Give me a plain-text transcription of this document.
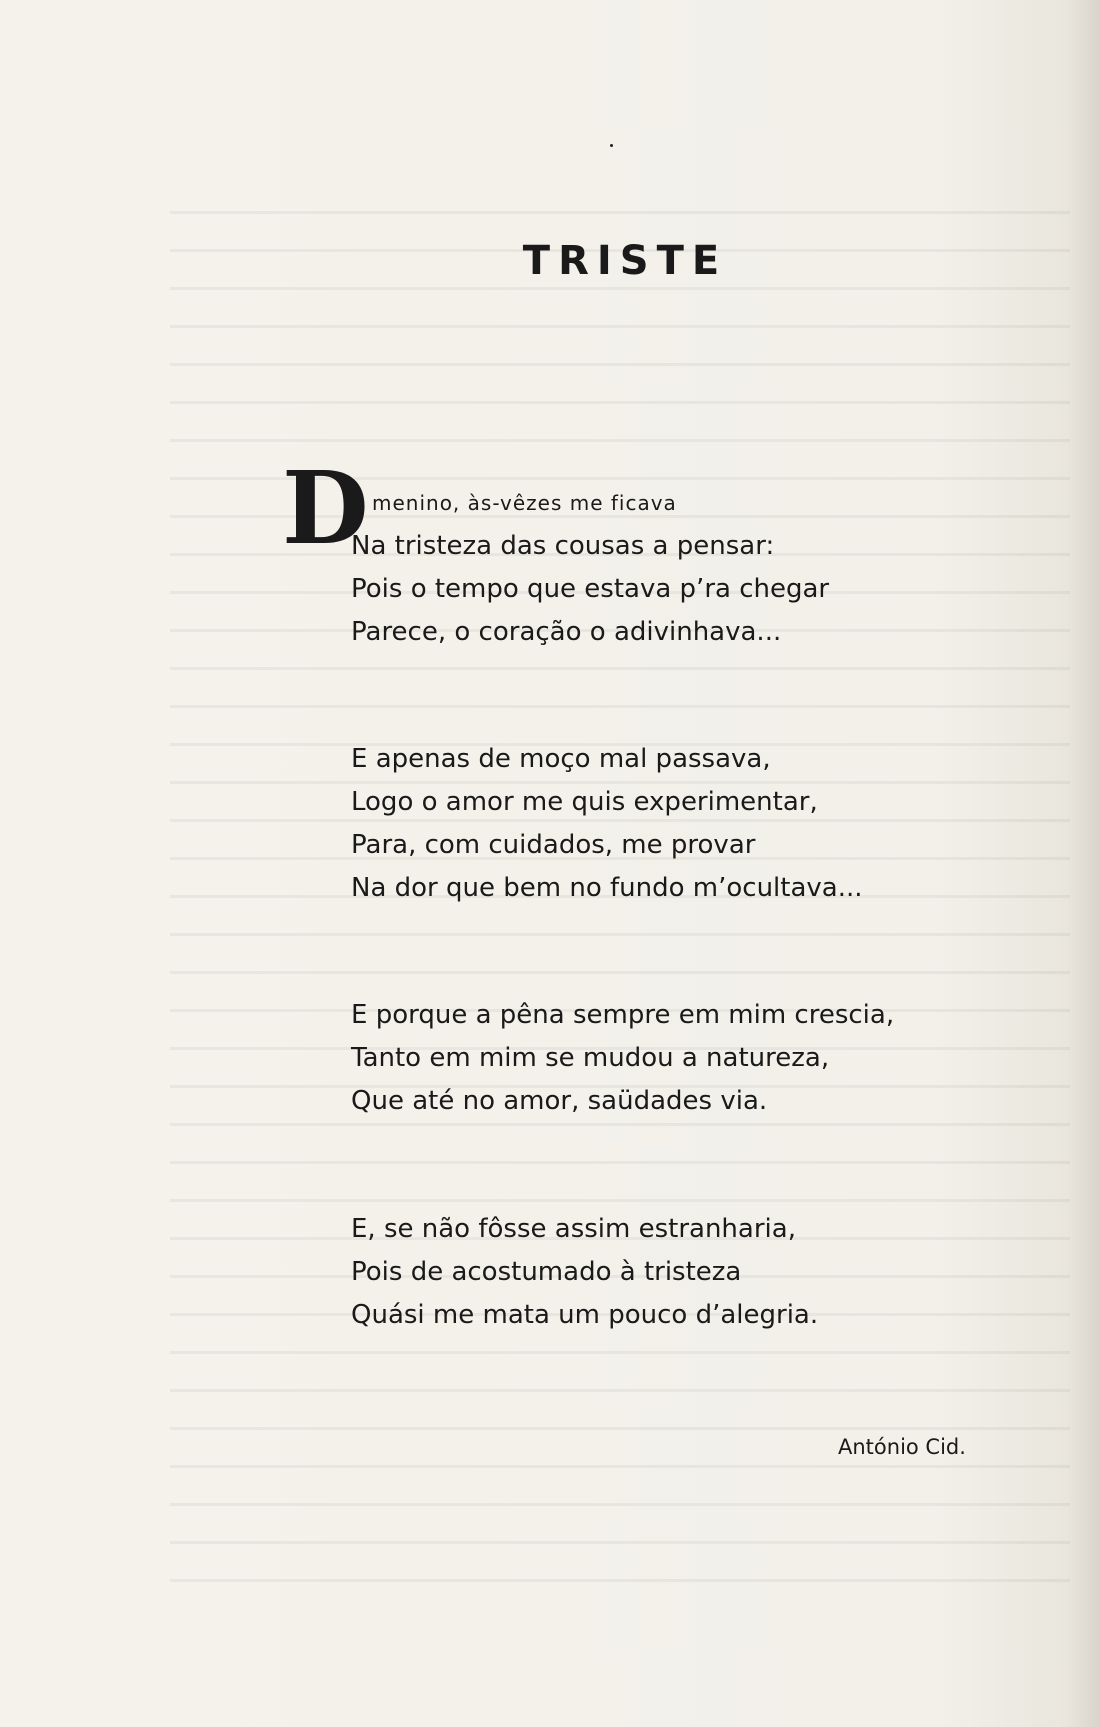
TRISTE
D
E menino, às-vêzes me ficava
Na tristeza das cousas a pensar:
Pois o tempo que estava p’ra chegar
Parece, o coração o adivinhava...
E apenas de moço mal passava,
Logo o amor me quis experimentar,
Para, com cuidados, me provar
Na dor que bem no fundo m’ocultava...
E porque a pêna sempre em mim crescia,
Tanto em mim se mudou a natureza,
Que até no amor, saüdades via.
E, se não fôsse assim estranharia,
Pois de acostumado à tristeza
Quási me mata um pouco d’alegria.
António Cid.
